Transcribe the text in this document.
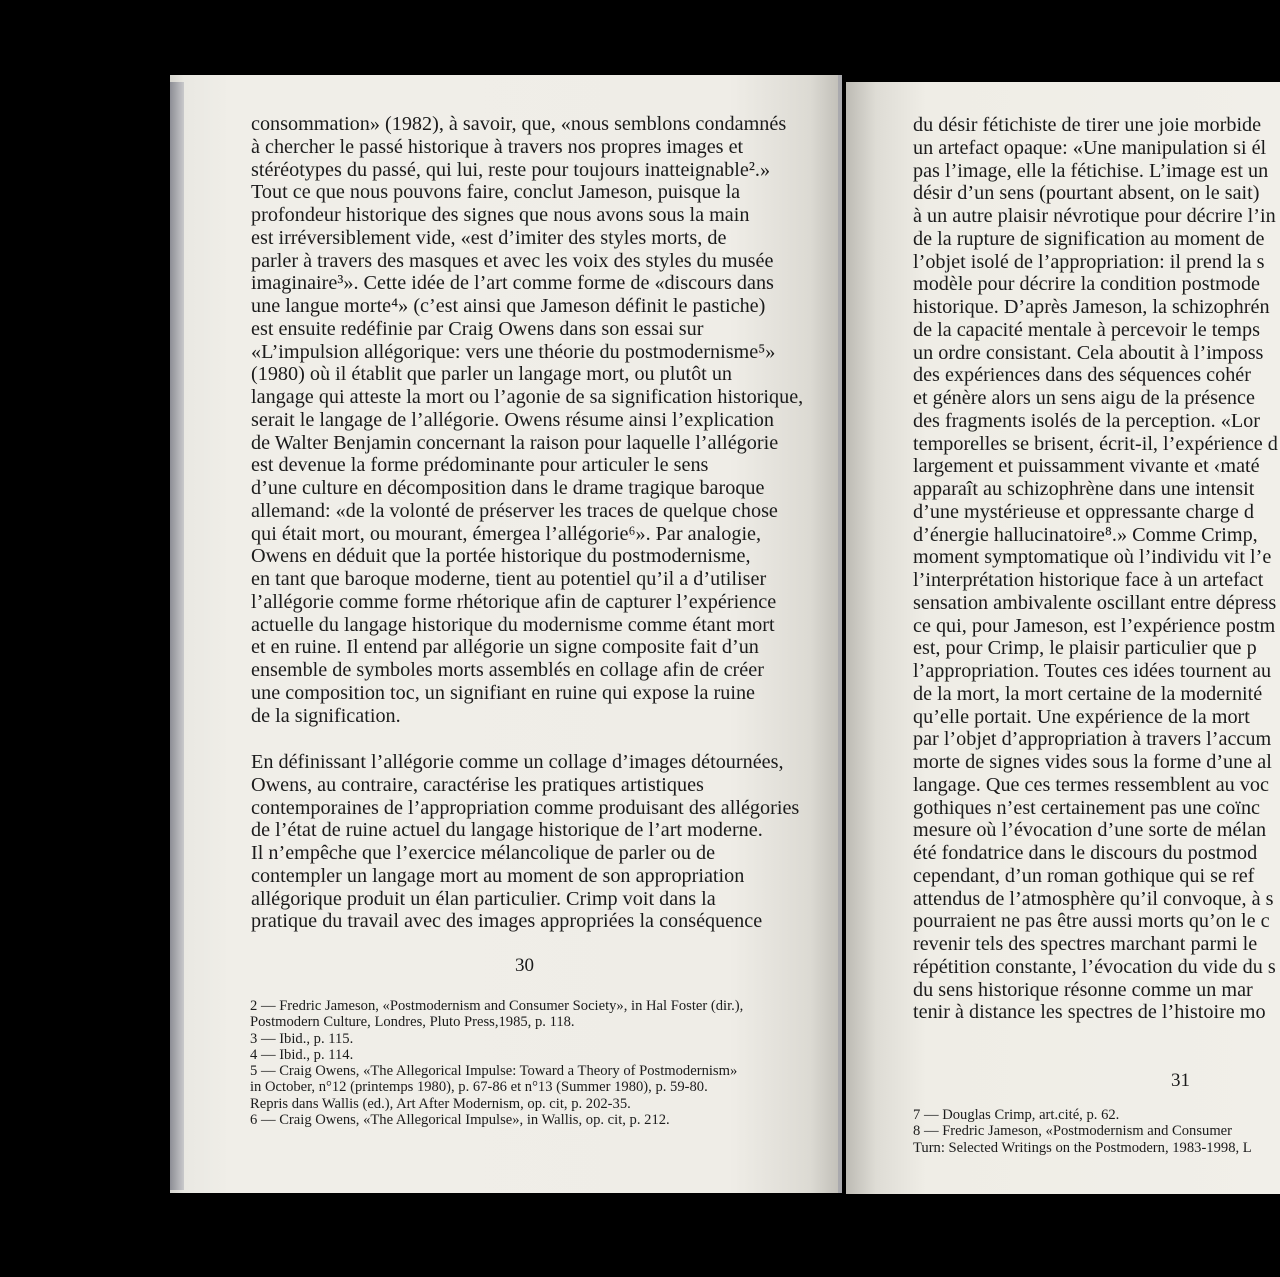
consommation» (1982), à savoir, que, «nous semblons condamnés
à chercher le passé historique à travers nos propres images et
stéréotypes du passé, qui lui, reste pour toujours inatteignable².»
Tout ce que nous pouvons faire, conclut Jameson, puisque la
profondeur historique des signes que nous avons sous la main
est irréversiblement vide, «est d’imiter des styles morts, de
parler à travers des masques et avec les voix des styles du musée
imaginaire³». Cette idée de l’art comme forme de «discours dans
une langue morte⁴» (c’est ainsi que Jameson définit le pastiche)
est ensuite redéfinie par Craig Owens dans son essai sur
«L’impulsion allégorique: vers une théorie du postmodernisme⁵»
(1980) où il établit que parler un langage mort, ou plutôt un
langage qui atteste la mort ou l’agonie de sa signification historique,
serait le langage de l’allégorie. Owens résume ainsi l’explication
de Walter Benjamin concernant la raison pour laquelle l’allégorie
est devenue la forme prédominante pour articuler le sens
d’une culture en décomposition dans le drame tragique baroque
allemand: «de la volonté de préserver les traces de quelque chose
qui était mort, ou mourant, émergea l’allégorie⁶». Par analogie,
Owens en déduit que la portée historique du postmodernisme,
en tant que baroque moderne, tient au potentiel qu’il a d’utiliser
l’allégorie comme forme rhétorique afin de capturer l’expérience
actuelle du langage historique du modernisme comme étant mort
et en ruine. Il entend par allégorie un signe composite fait d’un
ensemble de symboles morts assemblés en collage afin de créer
une composition toc, un signifiant en ruine qui expose la ruine
de la signification.
En définissant l’allégorie comme un collage d’images détournées,
Owens, au contraire, caractérise les pratiques artistiques
contemporaines de l’appropriation comme produisant des allégories
de l’état de ruine actuel du langage historique de l’art moderne.
Il n’empêche que l’exercice mélancolique de parler ou de
contempler un langage mort au moment de son appropriation
allégorique produit un élan particulier. Crimp voit dans la
pratique du travail avec des images appropriées la conséquence
30
2 — Fredric Jameson, «Postmodernism and Consumer Society», in Hal Foster (dir.),
Postmodern Culture, Londres, Pluto Press,1985, p. 118.
3 — Ibid., p. 115.
4 — Ibid., p. 114.
5 — Craig Owens, «The Allegorical Impulse: Toward a Theory of Postmodernism»
in October, n°12 (printemps 1980), p. 67-86 et n°13 (Summer 1980), p. 59-80.
Repris dans Wallis (ed.), Art After Modernism, op. cit, p. 202-35.
6 — Craig Owens, «The Allegorical Impulse», in Wallis, op. cit, p. 212.
du désir fétichiste de tirer une joie morbide
un artefact opaque: «Une manipulation si él
pas l’image, elle la fétichise. L’image est un
désir d’un sens (pourtant absent, on le sait)
à un autre plaisir névrotique pour décrire l’in
de la rupture de signification au moment de
l’objet isolé de l’appropriation: il prend la s
modèle pour décrire la condition postmode
historique. D’après Jameson, la schizophrén
de la capacité mentale à percevoir le temps
un ordre consistant. Cela aboutit à l’imposs
des expériences dans des séquences cohér
et génère alors un sens aigu de la présence
des fragments isolés de la perception. «Lor
temporelles se brisent, écrit-il, l’expérience d
largement et puissamment vivante et ‹maté
apparaît au schizophrène dans une intensit
d’une mystérieuse et oppressante charge d
d’énergie hallucinatoire⁸.» Comme Crimp,
moment symptomatique où l’individu vit l’e
l’interprétation historique face à un artefact
sensation ambivalente oscillant entre dépress
ce qui, pour Jameson, est l’expérience postm
est, pour Crimp, le plaisir particulier que p
l’appropriation. Toutes ces idées tournent au
de la mort, la mort certaine de la modernité
qu’elle portait. Une expérience de la mort
par l’objet d’appropriation à travers l’accum
morte de signes vides sous la forme d’une al
langage. Que ces termes ressemblent au voc
gothiques n’est certainement pas une coïnc
mesure où l’évocation d’une sorte de mélan
été fondatrice dans le discours du postmod
cependant, d’un roman gothique qui se ref
attendus de l’atmosphère qu’il convoque, à s
pourraient ne pas être aussi morts qu’on le c
revenir tels des spectres marchant parmi le
répétition constante, l’évocation du vide du s
du sens historique résonne comme un mar
tenir à distance les spectres de l’histoire mo
31
7 — Douglas Crimp, art.cité, p. 62.
8 — Fredric Jameson, «Postmodernism and Consumer
Turn: Selected Writings on the Postmodern, 1983-1998, L
